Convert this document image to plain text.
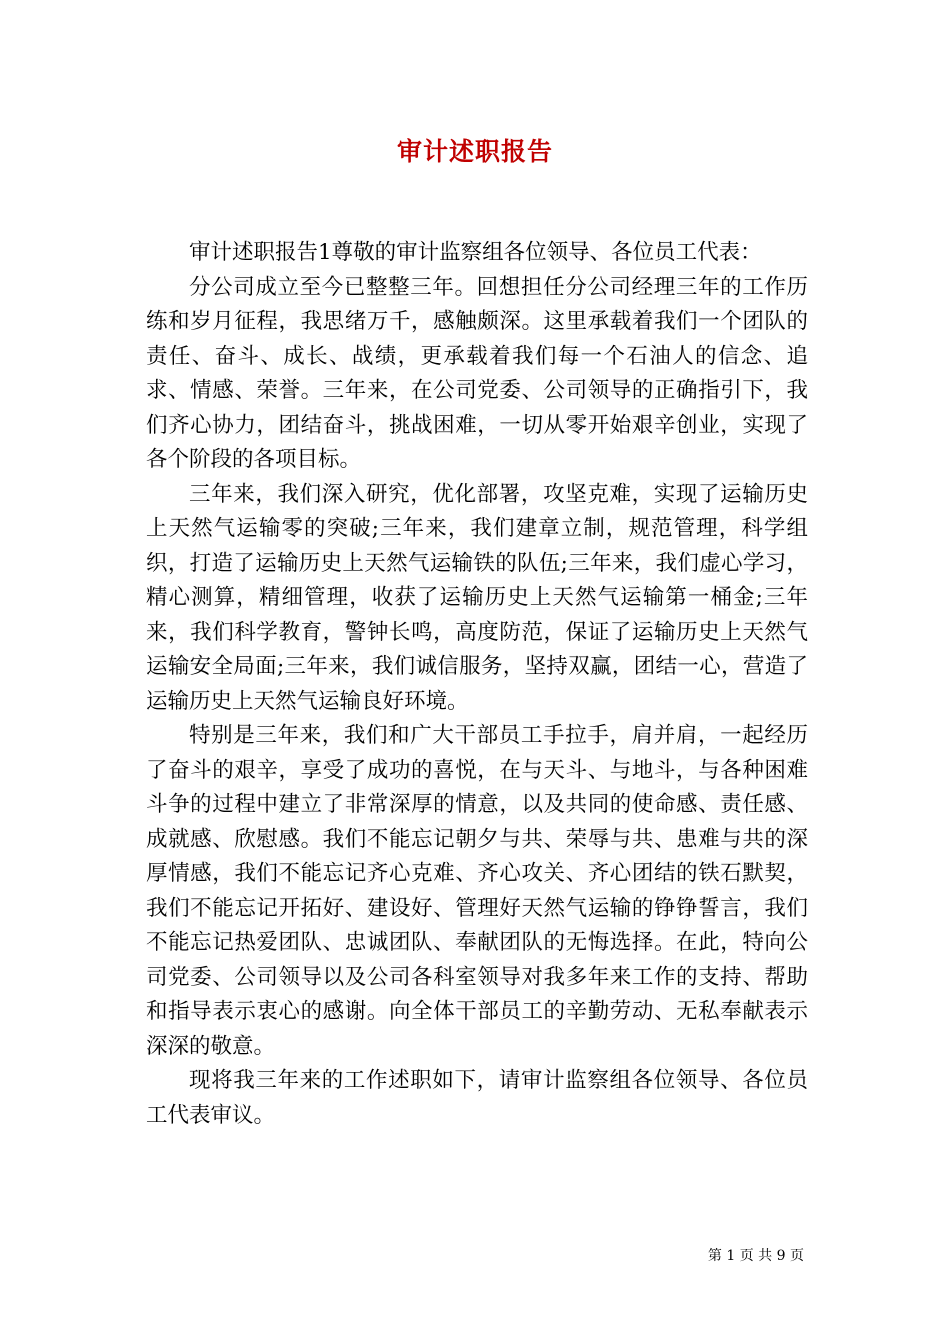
审计述职报告

审计述职报告1尊敬的审计监察组各位领导、各位员工代表：

分公司成立至今已整整三年。回想担任分公司经理三年的工作历练和岁月征程，我思绪万千，感触颇深。这里承载着我们一个团队的责任、奋斗、成长、战绩，更承载着我们每一个石油人的信念、追求、情感、荣誉。三年来，在公司党委、公司领导的正确指引下，我们齐心协力，团结奋斗，挑战困难，一切从零开始艰辛创业，实现了各个阶段的各项目标。

三年来，我们深入研究，优化部署，攻坚克难，实现了运输历史上天然气运输零的突破;三年来，我们建章立制，规范管理，科学组织，打造了运输历史上天然气运输铁的队伍;三年来，我们虚心学习，精心测算，精细管理，收获了运输历史上天然气运输第一桶金;三年来，我们科学教育，警钟长鸣，高度防范，保证了运输历史上天然气运输安全局面;三年来，我们诚信服务，坚持双赢，团结一心，营造了运输历史上天然气运输良好环境。

特别是三年来，我们和广大干部员工手拉手，肩并肩，一起经历了奋斗的艰辛，享受了成功的喜悦，在与天斗、与地斗，与各种困难斗争的过程中建立了非常深厚的情意，以及共同的使命感、责任感、成就感、欣慰感。我们不能忘记朝夕与共、荣辱与共、患难与共的深厚情感，我们不能忘记齐心克难、齐心攻关、齐心团结的铁石默契，我们不能忘记开拓好、建设好、管理好天然气运输的铮铮誓言，我们不能忘记热爱团队、忠诚团队、奉献团队的无悔选择。在此，特向公司党委、公司领导以及公司各科室领导对我多年来工作的支持、帮助和指导表示衷心的感谢。向全体干部员工的辛勤劳动、无私奉献表示深深的敬意。

现将我三年来的工作述职如下，请审计监察组各位领导、各位员工代表审议。

第 1 页 共 9 页
